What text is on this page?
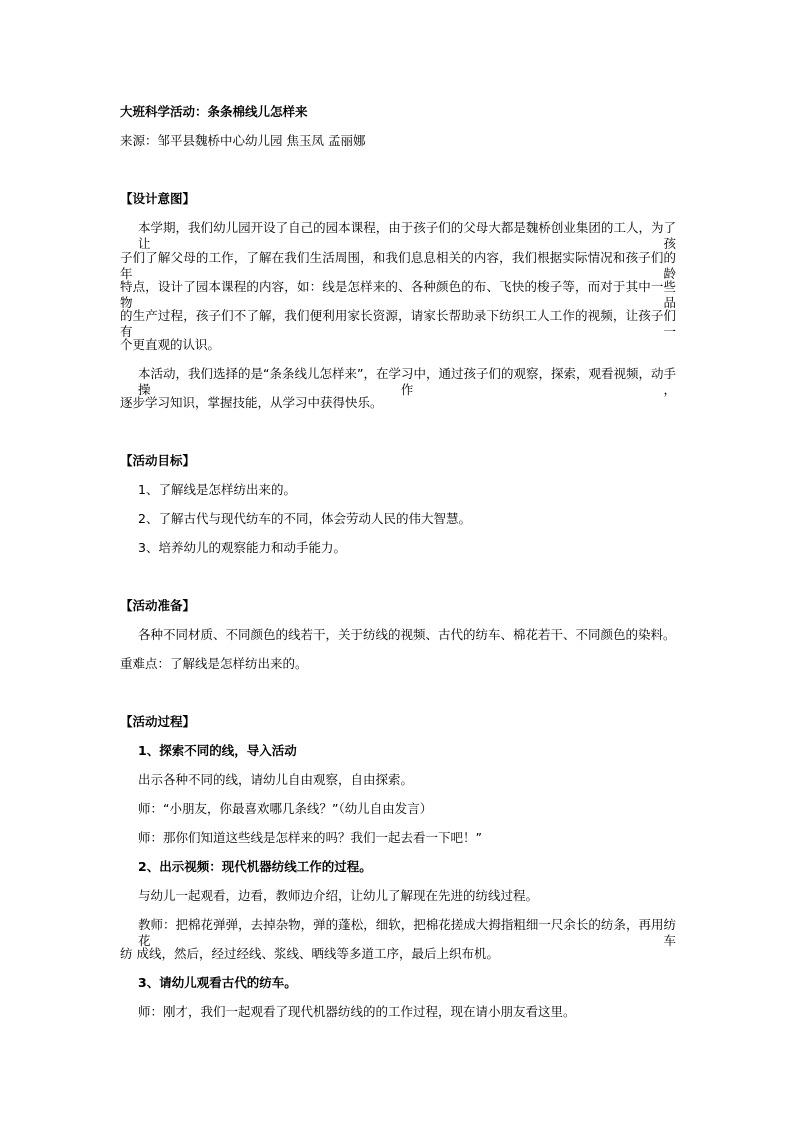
大班科学活动：条条棉线儿怎样来
来源：邹平县魏桥中心幼儿园 焦玉凤 孟丽娜
【设计意图】
本学期，我们幼儿园开设了自己的园本课程，由于孩子们的父母大都是魏桥创业集团的工人，为了让孩
子们了解父母的工作，了解在我们生活周围，和我们息息相关的内容，我们根据实际情况和孩子们的年龄
特点，设计了园本课程的内容，如：线是怎样来的、各种颜色的布、飞快的梭子等，而对于其中一些物品
的生产过程，孩子们不了解，我们便利用家长资源，请家长帮助录下纺织工人工作的视频，让孩子们有一
个更直观的认识。
本活动，我们选择的是“条条线儿怎样来”，在学习中，通过孩子们的观察，探索，观看视频，动手操作，
逐步学习知识，掌握技能，从学习中获得快乐。
【活动目标】
1、了解线是怎样纺出来的。
2、了解古代与现代纺车的不同，体会劳动人民的伟大智慧。
3、培养幼儿的观察能力和动手能力。
【活动准备】
各种不同材质、不同颜色的线若干，关于纺线的视频、古代的纺车、棉花若干、不同颜色的染料。
重难点：了解线是怎样纺出来的。
【活动过程】
1、探索不同的线，导入活动
出示各种不同的线，请幼儿自由观察，自由探索。
师：“小朋友，你最喜欢哪几条线？”（幼儿自由发言）
师：那你们知道这些线是怎样来的吗？我们一起去看一下吧！”
2、出示视频：现代机器纺线工作的过程。
与幼儿一起观看，边看，教师边介绍，让幼儿了解现在先进的纺线过程。
教师：把棉花弹弹，去掉杂物，弹的蓬松，细软，把棉花搓成大拇指粗细一尺余长的纺条，再用纺花车
纺 成线，然后，经过经线、浆线、晒线等多道工序，最后上织布机。
3、请幼儿观看古代的纺车。
师：刚才，我们一起观看了现代机器纺线的的工作过程，现在请小朋友看这里。
